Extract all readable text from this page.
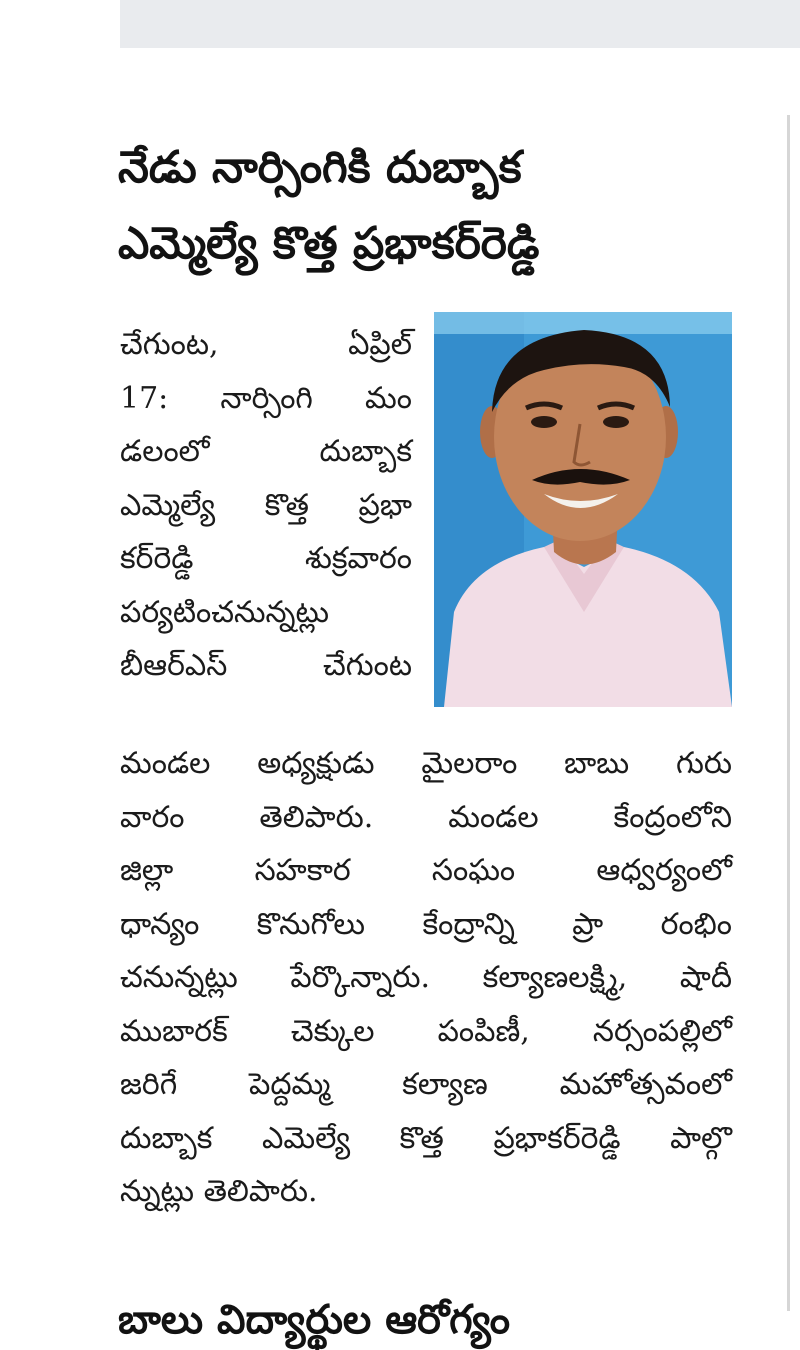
నేడు నార్సింగికి దుబ్బాక
ఎమ్మెల్యే కొత్త ప్రభాకర్‌రెడ్డి
చేగుంట, ఏప్రిల్
17: నార్సింగి మం
డలంలో దుబ్బాక
ఎమ్మెల్యే కొత్త ప్రభా
కర్‌రెడ్డి శుక్రవారం
పర్యటించనున్నట్లు
బీఆర్‌ఎస్ చేగుంట
మండల అధ్యక్షుడు మైలరాం బాబు గురు
వారం తెలిపారు. మండల కేంద్రంలోని
జిల్లా సహకార సంఘం ఆధ్వర్యంలో
ధాన్యం కొనుగోలు కేంద్రాన్ని ప్రా రంభిం
చనున్నట్లు పేర్కొన్నారు. కల్యాణలక్ష్మి, షాదీ
ముబారక్ చెక్కుల పంపిణీ, నర్సంపల్లిలో
జరిగే పెద్దమ్మ కల్యాణ మహోత్సవంలో
దుబ్బాక ఎమెల్యే కొత్త ప్రభాకర్‌రెడ్డి పాల్గొ
న్నుట్లు తెలిపారు.
బాలు విద్యార్థుల ఆరోగ్యం
